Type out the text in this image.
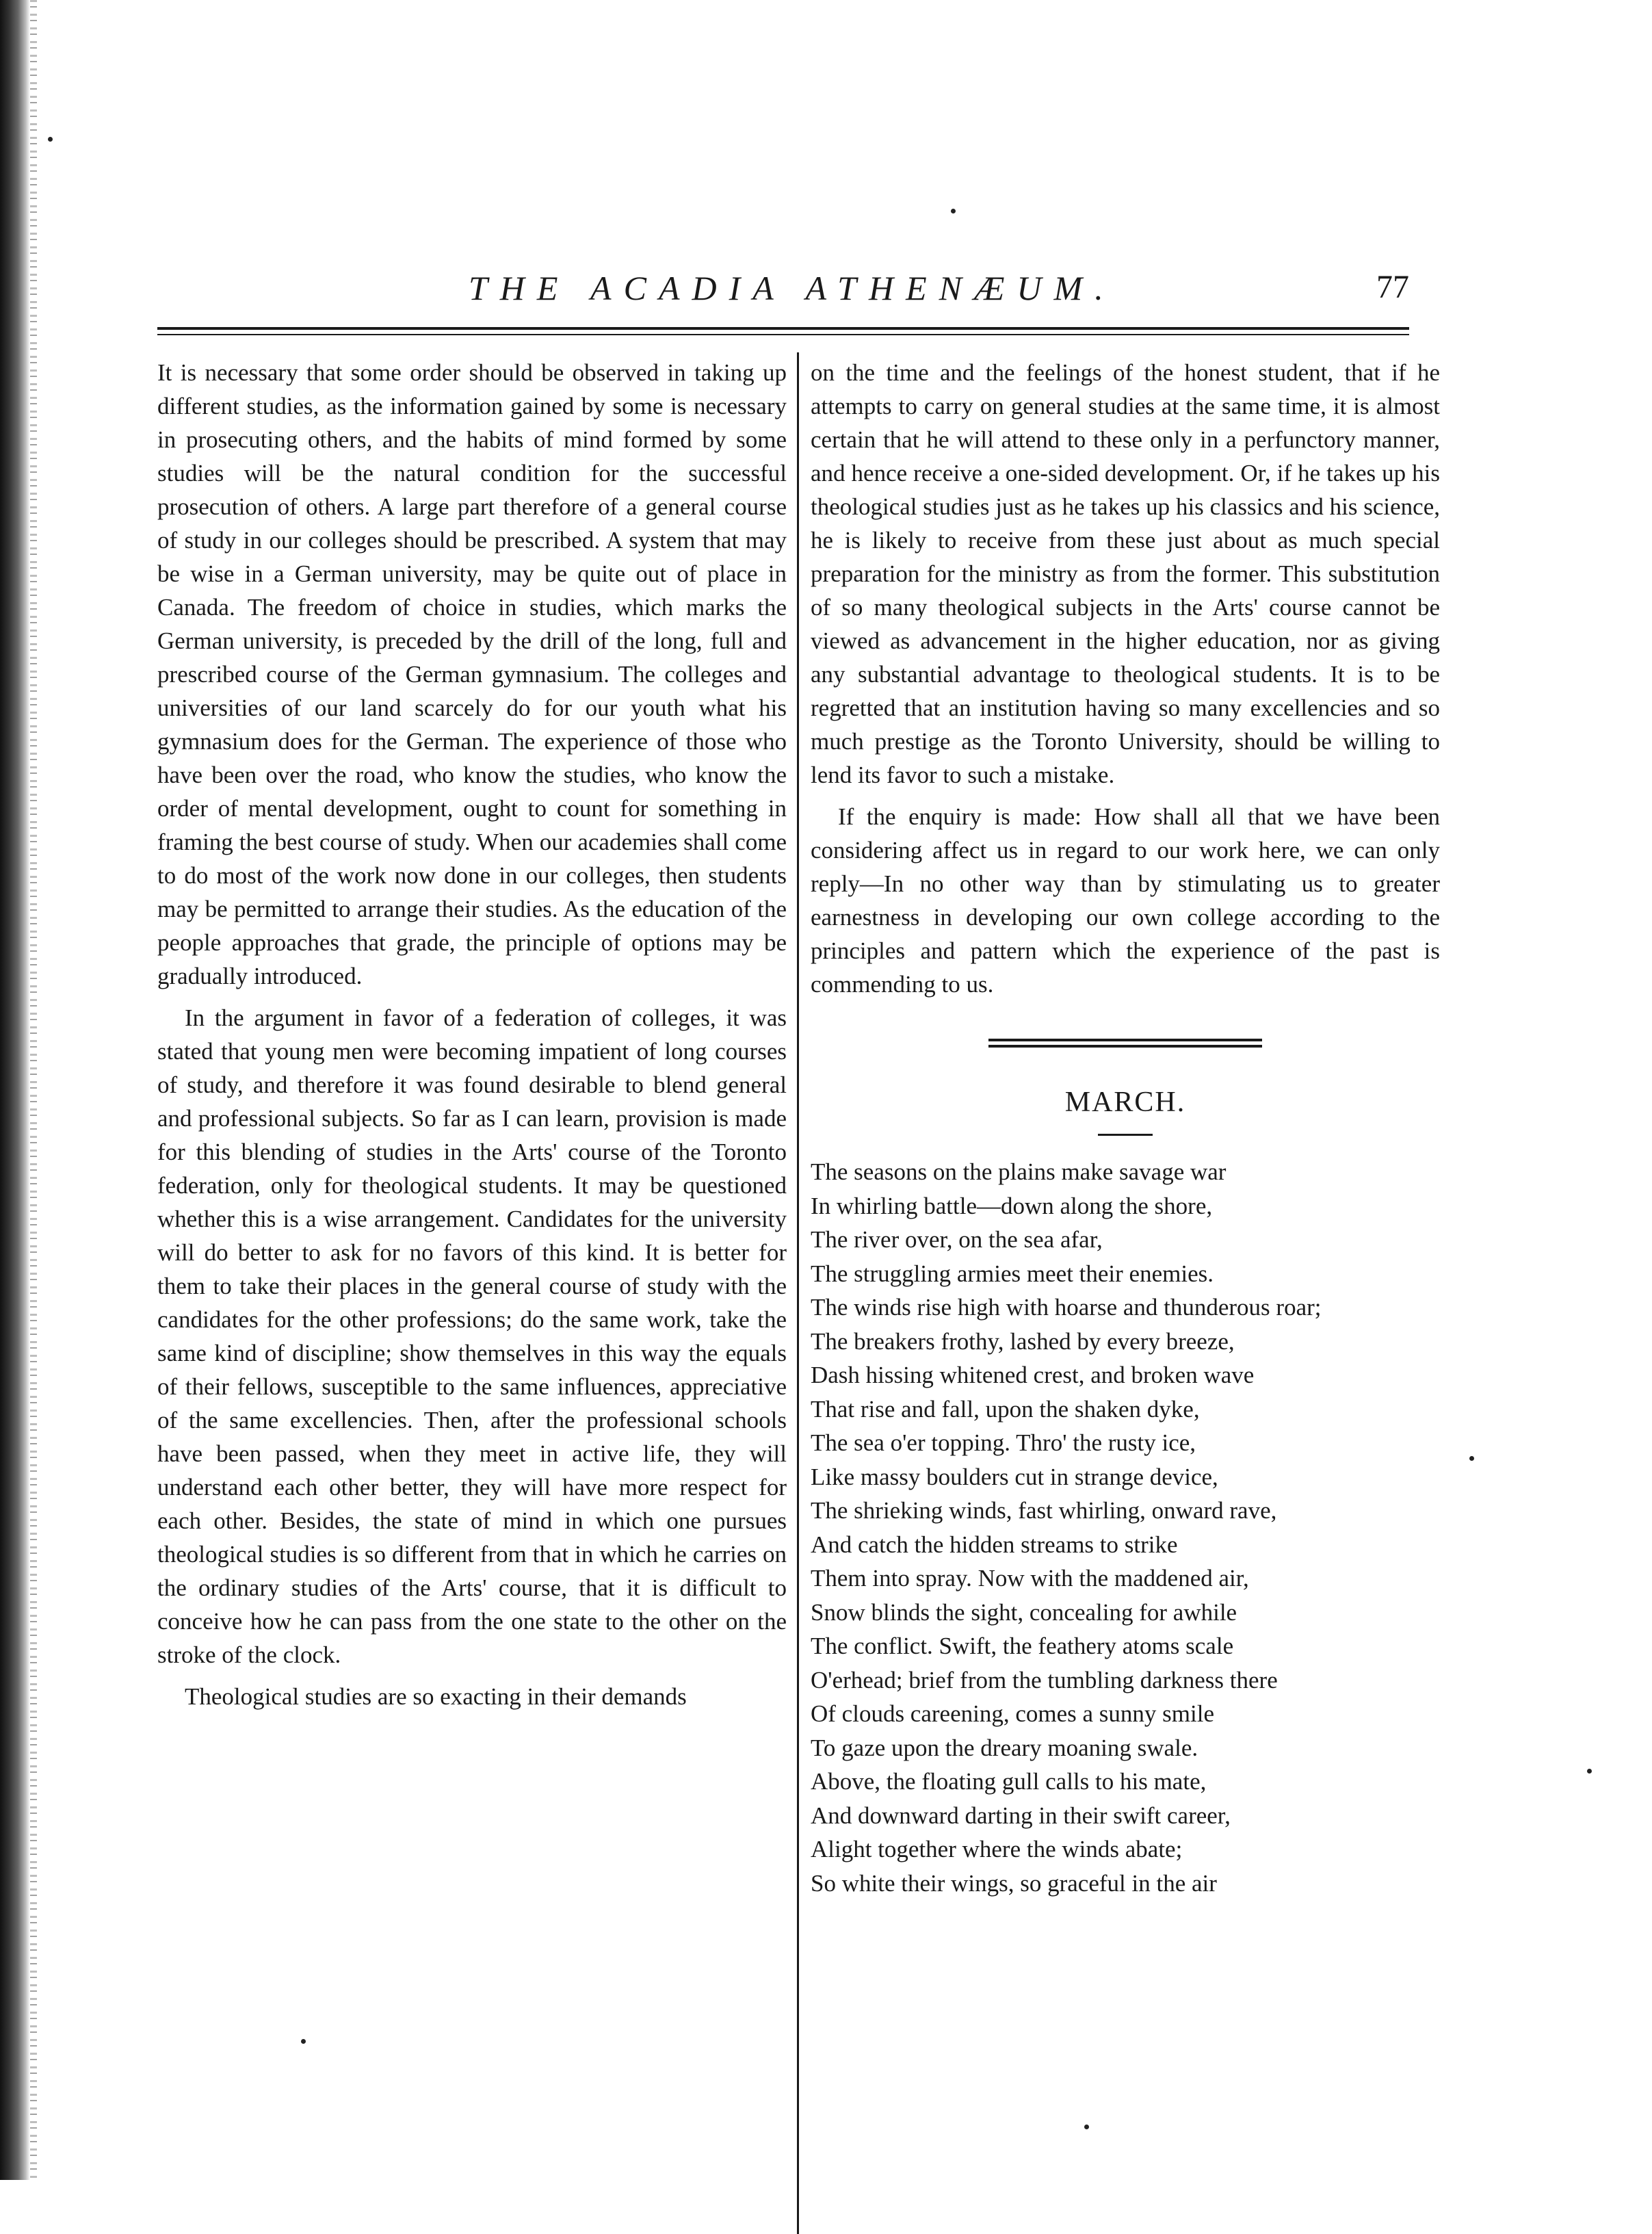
THE ACADIA ATHENÆUM.	77

It is necessary that some order should be observed in taking up different studies, as the information gained by some is necessary in prosecuting others, and the habits of mind formed by some studies will be the natural condition for the successful prosecution of others. A large part therefore of a general course of study in our colleges should be prescribed. A system that may be wise in a German university, may be quite out of place in Canada. The freedom of choice in studies, which marks the German university, is preceded by the drill of the long, full and prescribed course of the German gymnasium. The colleges and universities of our land scarcely do for our youth what his gymnasium does for the German. The experience of those who have been over the road, who know the studies, who know the order of mental development, ought to count for something in framing the best course of study. When our academies shall come to do most of the work now done in our colleges, then students may be permitted to arrange their studies. As the education of the people approaches that grade, the principle of options may be gradually introduced.

In the argument in favor of a federation of colleges, it was stated that young men were becoming impatient of long courses of study, and therefore it was found desirable to blend general and professional subjects. So far as I can learn, provision is made for this blending of studies in the Arts' course of the Toronto federation, only for theological students. It may be questioned whether this is a wise arrangement. Candidates for the university will do better to ask for no favors of this kind. It is better for them to take their places in the general course of study with the candidates for the other professions; do the same work, take the same kind of discipline; show themselves in this way the equals of their fellows, susceptible to the same influences, appreciative of the same excellencies. Then, after the professional schools have been passed, when they meet in active life, they will understand each other better, they will have more respect for each other. Besides, the state of mind in which one pursues theological studies is so different from that in which he carries on the ordinary studies of the Arts' course, that it is difficult to conceive how he can pass from the one state to the other on the stroke of the clock.

Theological studies are so exacting in their demands

on the time and the feelings of the honest student, that if he attempts to carry on general studies at the same time, it is almost certain that he will attend to these only in a perfunctory manner, and hence receive a one-sided development. Or, if he takes up his theological studies just as he takes up his classics and his science, he is likely to receive from these just about as much special preparation for the ministry as from the former. This substitution of so many theological subjects in the Arts' course cannot be viewed as advancement in the higher education, nor as giving any substantial advantage to theological students. It is to be regretted that an institution having so many excellencies and so much prestige as the Toronto University, should be willing to lend its favor to such a mistake.

If the enquiry is made: How shall all that we have been considering affect us in regard to our work here, we can only reply—In no other way than by stimulating us to greater earnestness in developing our own college according to the principles and pattern which the experience of the past is commending to us.

MARCH.
The seasons on the plains make savage war
In whirling battle—down along the shore,
The river over, on the sea afar,
The struggling armies meet their enemies.
The winds rise high with hoarse and thunderous roar;
The breakers frothy, lashed by every breeze,
Dash hissing whitened crest, and broken wave
That rise and fall, upon the shaken dyke,
The sea o'er topping. Thro' the rusty ice,
Like massy boulders cut in strange device,
The shrieking winds, fast whirling, onward rave,
And catch the hidden streams to strike
Them into spray. Now with the maddened air,
Snow blinds the sight, concealing for awhile
The conflict. Swift, the feathery atoms scale
O'erhead; brief from the tumbling darkness there
Of clouds careening, comes a sunny smile
To gaze upon the dreary moaning swale.
Above, the floating gull calls to his mate,
And downward darting in their swift career,
Alight together where the winds abate;
So white their wings, so graceful in the air
